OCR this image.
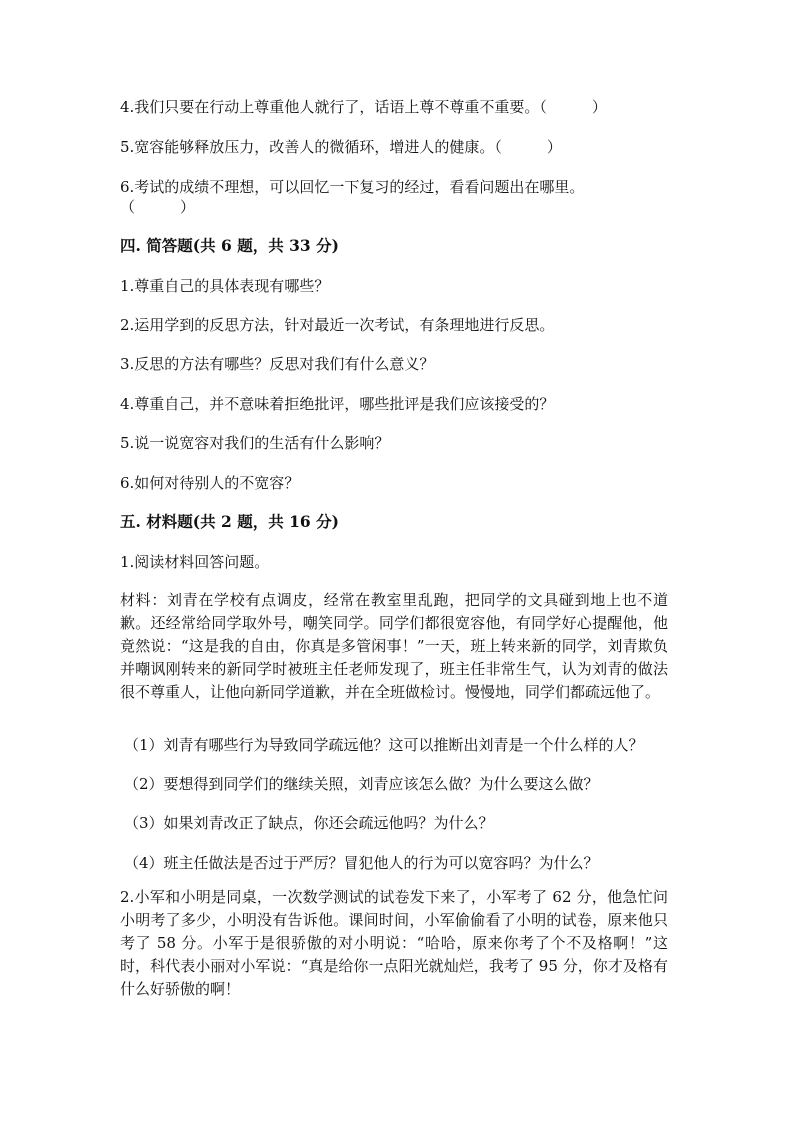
4.我们只要在行动上尊重他人就行了，话语上尊不尊重不重要。（　　　）
5.宽容能够释放压力，改善人的微循环，增进人的健康。（　　　）
6.考试的成绩不理想，可以回忆一下复习的经过，看看问题出在哪里。
（　　　）
四. 简答题(共 6 题，共 33 分)
1.尊重自己的具体表现有哪些？
2.运用学到的反思方法，针对最近一次考试，有条理地进行反思。
3.反思的方法有哪些？反思对我们有什么意义？
4.尊重自己，并不意味着拒绝批评，哪些批评是我们应该接受的？
5.说一说宽容对我们的生活有什么影响？
6.如何对待别人的不宽容？
五. 材料题(共 2 题，共 16 分)
1.阅读材料回答问题。
材料：刘青在学校有点调皮，经常在教室里乱跑，把同学的文具碰到地上也不道歉。还经常给同学取外号，嘲笑同学。同学们都很宽容他，有同学好心提醒他，他竟然说：“这是我的自由，你真是多管闲事！”一天，班上转来新的同学，刘青欺负并嘲讽刚转来的新同学时被班主任老师发现了，班主任非常生气，认为刘青的做法很不尊重人，让他向新同学道歉，并在全班做检讨。慢慢地，同学们都疏远他了。
（1）刘青有哪些行为导致同学疏远他？这可以推断出刘青是一个什么样的人？
（2）要想得到同学们的继续关照，刘青应该怎么做？为什么要这么做？
（3）如果刘青改正了缺点，你还会疏远他吗？为什么？
（4）班主任做法是否过于严厉？冒犯他人的行为可以宽容吗？为什么？
2.小军和小明是同桌，一次数学测试的试卷发下来了，小军考了 62 分，他急忙问小明考了多少，小明没有告诉他。课间时间，小军偷偷看了小明的试卷，原来他只考了 58 分。小军于是很骄傲的对小明说：“哈哈，原来你考了个不及格啊！”这时，科代表小丽对小军说：“真是给你一点阳光就灿烂，我考了 95 分，你才及格有什么好骄傲的啊！
